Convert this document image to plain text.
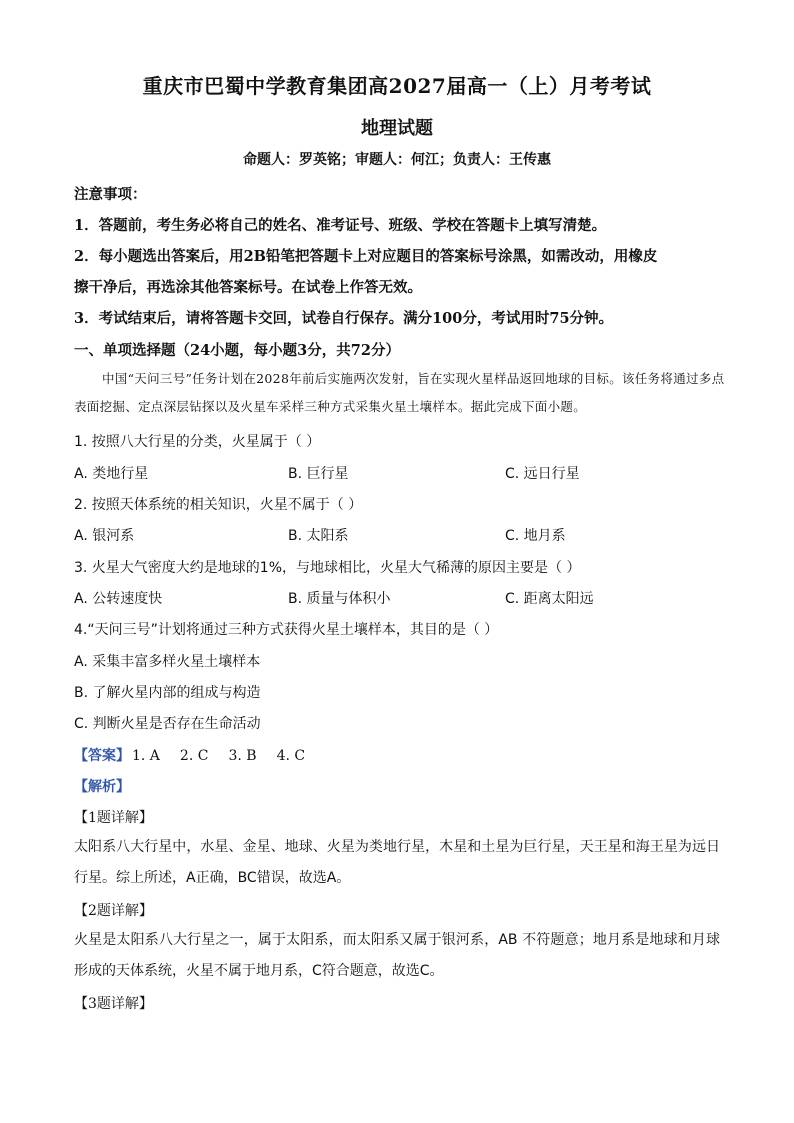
重庆市巴蜀中学教育集团高2027届高一（上）月考考试
地理试题
命题人：罗英铭；审题人：何江；负责人：王传惠
注意事项：
1．答题前，考生务必将自己的姓名、准考证号、班级、学校在答题卡上填写清楚。
2．每小题选出答案后，用2B铅笔把答题卡上对应题目的答案标号涂黑，如需改动，用橡皮
擦干净后，再选涂其他答案标号。在试卷上作答无效。
3．考试结束后，请将答题卡交回，试卷自行保存。满分100分，考试用时75分钟。
一、单项选择题（24小题，每小题3分，共72分）
中国“天问三号”任务计划在2028年前后实施两次发射，旨在实现火星样品返回地球的目标。该任务将通过多点表面挖掘、定点深层钻探以及火星车采样三种方式采集火星土壤样本。据此完成下面小题。
1. 按照八大行星的分类，火星属于（ ）
A. 类地行星	B. 巨行星	C. 远日行星
2. 按照天体系统的相关知识，火星不属于（ ）
A. 银河系	B. 太阳系	C. 地月系
3. 火星大气密度大约是地球的1%，与地球相比，火星大气稀薄的原因主要是（ ）
A. 公转速度快	B. 质量与体积小	C. 距离太阳远
4.“天问三号”计划将通过三种方式获得火星土壤样本，其目的是（ ）
A. 采集丰富多样火星土壤样本
B. 了解火星内部的组成与构造
C. 判断火星是否存在生命活动
【答案】 1. A 2. C 3. B 4. C
【解析】
【1题详解】
太阳系八大行星中，水星、金星、地球、火星为类地行星，木星和土星为巨行星，天王星和海王星为远日行星。综上所述，A正确，BC错误，故选A。
【2题详解】
火星是太阳系八大行星之一，属于太阳系，而太阳系又属于银河系，AB 不符题意；地月系是地球和月球形成的天体系统，火星不属于地月系，C符合题意，故选C。
【3题详解】
